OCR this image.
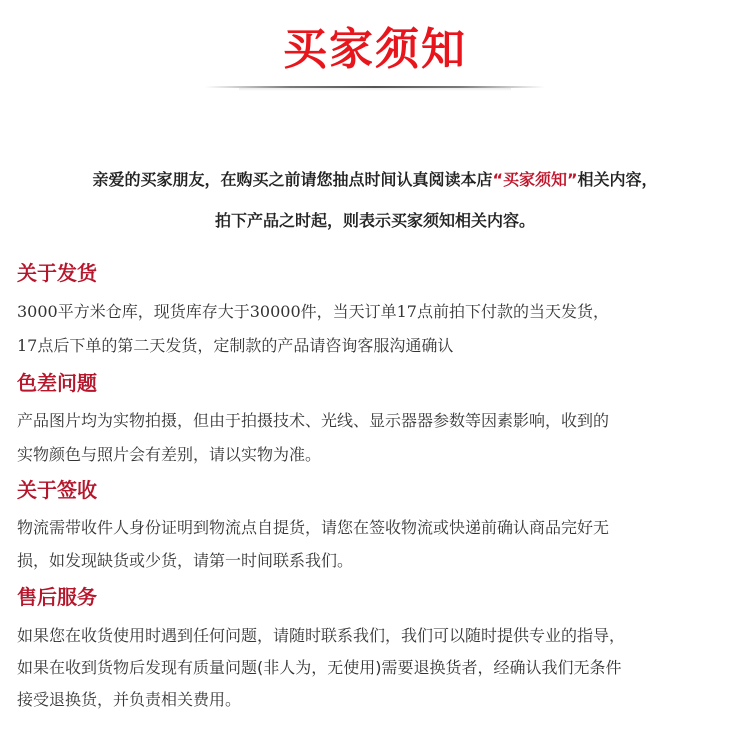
买家须知
亲爱的买家朋友，在购买之前请您抽点时间认真阅读本店“买家须知”相关内容，
拍下产品之时起，则表示买家须知相关内容。
关于发货
3000平方米仓库，现货库存大于30000件，当天订单17点前拍下付款的当天发货，
17点后下单的第二天发货，定制款的产品请咨询客服沟通确认
色差问题
产品图片均为实物拍摄，但由于拍摄技术、光线、显示器器参数等因素影响，收到的
实物颜色与照片会有差别，请以实物为准。
关于签收
物流需带收件人身份证明到物流点自提货，请您在签收物流或快递前确认商品完好无
损，如发现缺货或少货，请第一时间联系我们。
售后服务
如果您在收货使用时遇到任何问题，请随时联系我们，我们可以随时提供专业的指导，
如果在收到货物后发现有质量问题(非人为，无使用)需要退换货者，经确认我们无条件
接受退换货，并负责相关费用。
